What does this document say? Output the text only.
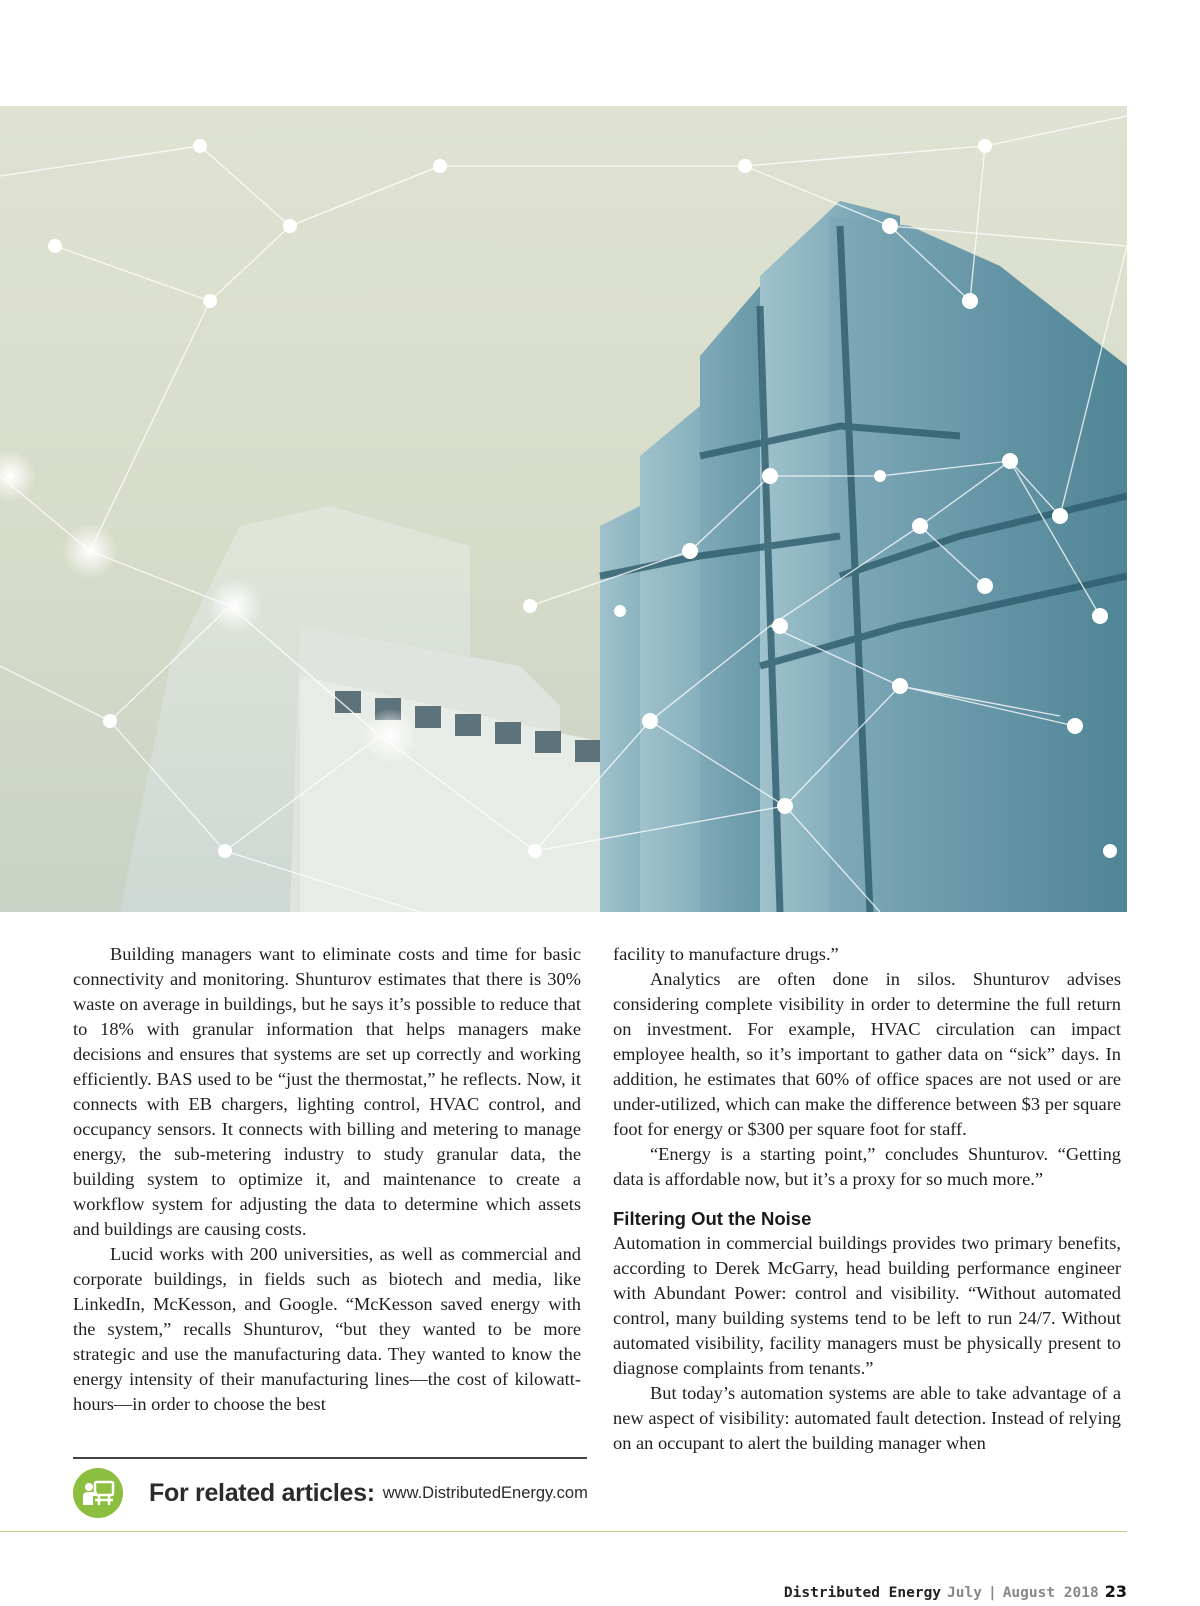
Building managers want to eliminate costs and time for basic connectivity and monitoring. Shunturov estimates that there is 30% waste on average in buildings, but he says it’s possible to reduce that to 18% with granular information that helps managers make decisions and ensures that systems are set up correctly and working efficiently. BAS used to be “just the thermostat,” he reflects. Now, it connects with EB chargers, lighting control, HVAC control, and occupancy sensors. It connects with billing and metering to manage energy, the sub-metering industry to study granular data, the building system to optimize it, and maintenance to create a workflow system for adjusting the data to determine which assets and buildings are causing costs.

Lucid works with 200 universities, as well as commercial and corporate buildings, in fields such as biotech and media, like LinkedIn, McKesson, and Google. “McKesson saved energy with the system,” recalls Shunturov, “but they wanted to be more strategic and use the manufacturing data. They wanted to know the energy intensity of their manufacturing lines—the cost of kilowatt-hours—in order to choose the best

facility to manufacture drugs.”

Analytics are often done in silos. Shunturov advises considering complete visibility in order to determine the full return on investment. For example, HVAC circulation can impact employee health, so it’s important to gather data on “sick” days. In addition, he estimates that 60% of office spaces are not used or are under-utilized, which can make the difference between $3 per square foot for energy or $300 per square foot for staff.

“Energy is a starting point,” concludes Shunturov. “Getting data is affordable now, but it’s a proxy for so much more.”

Filtering Out the Noise

Automation in commercial buildings provides two primary benefits, according to Derek McGarry, head building performance engineer with Abundant Power: control and visibility. “Without automated control, many building systems tend to be left to run 24/7. Without automated visibility, facility managers must be physically present to diagnose complaints from tenants.”

But today’s automation systems are able to take advantage of a new aspect of visibility: automated fault detection. Instead of relying on an occupant to alert the building manager when

For related articles: www.DistributedEnergy.com
Distributed Energy July | August 2018 23
